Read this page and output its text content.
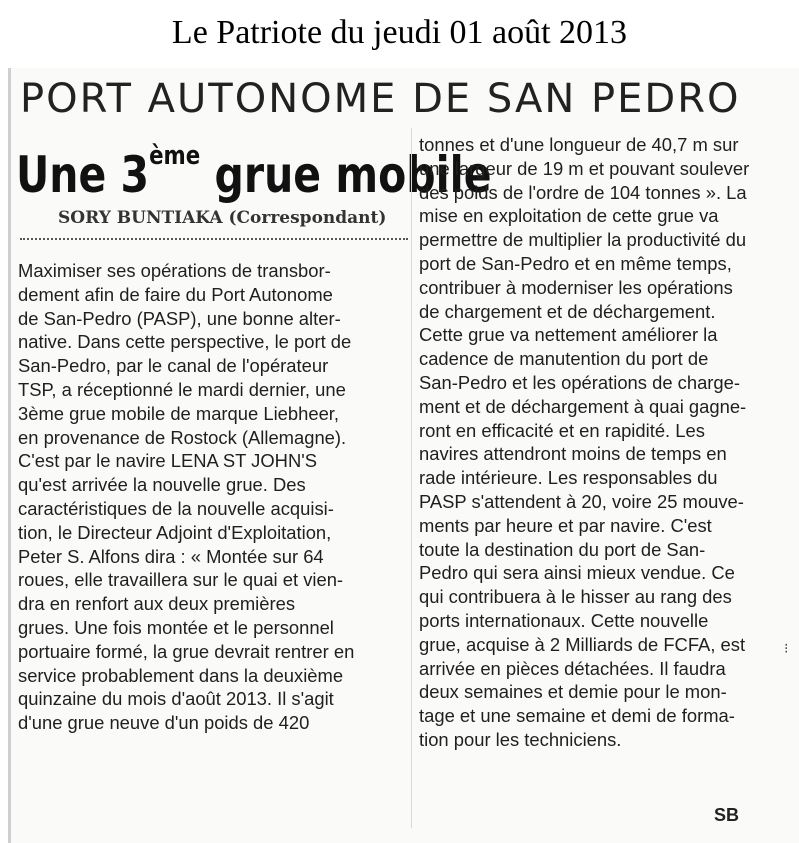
Le Patriote du jeudi 01 août 2013
PORT AUTONOME DE SAN PEDRO
Une 3ème grue mobile
SORY BUNTIAKA (Correspondant)
Maximiser ses opérations de transbor-
dement afin de faire du Port Autonome
de San-Pedro (PASP), une bonne alter-
native. Dans cette perspective, le port de
San-Pedro, par le canal de l'opérateur
TSP, a réceptionné le mardi dernier, une
3ème grue mobile de marque Liebheer,
en provenance de Rostock (Allemagne).
C'est par le navire LENA ST JOHN'S
qu'est arrivée la nouvelle grue. Des
caractéristiques de la nouvelle acquisi-
tion, le Directeur Adjoint d'Exploitation,
Peter S. Alfons dira : « Montée sur 64
roues, elle travaillera sur le quai et vien-
dra en renfort aux deux premières
grues. Une fois montée et le personnel
portuaire formé, la grue devrait rentrer en
service probablement dans la deuxième
quinzaine du mois d'août 2013. Il s'agit
d'une grue neuve d'un poids de 420
tonnes et d'une longueur de 40,7 m sur
une largeur de 19 m et pouvant soulever
des poids de l'ordre de 104 tonnes ». La
mise en exploitation de cette grue va
permettre de multiplier la productivité du
port de San-Pedro et en même temps,
contribuer à moderniser les opérations
de chargement et de déchargement.
Cette grue va nettement améliorer la
cadence de manutention du port de
San-Pedro et les opérations de charge-
ment et de déchargement à quai gagne-
ront en efficacité et en rapidité. Les
navires attendront moins de temps en
rade intérieure. Les responsables du
PASP s'attendent à 20, voire 25 mouve-
ments par heure et par navire. C'est
toute la destination du port de San-
Pedro qui sera ainsi mieux vendue. Ce
qui contribuera à le hisser au rang des
ports internationaux. Cette nouvelle
grue, acquise à 2 Milliards de FCFA, est
arrivée en pièces détachées. Il faudra
deux semaines et demie pour le mon-
tage et une semaine et demi de forma-
tion pour les techniciens.
SB
⁝
